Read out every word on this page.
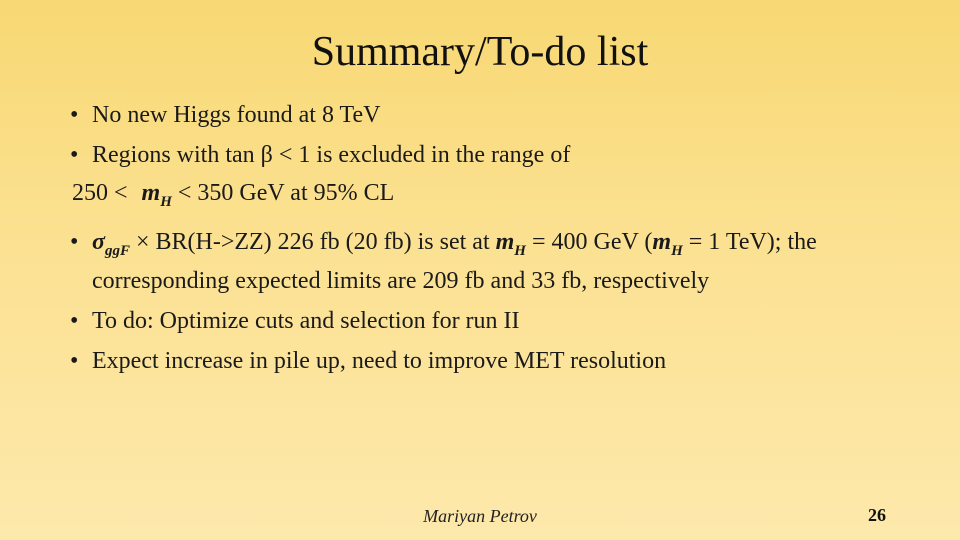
Summary/To-do list
• No new Higgs found at 8 TeV
• Regions with tan β < 1 is excluded in the range of
$250 < m_H < 350$ GeV at 95% CL
• $\sigma_{ggF} \times BR(H->ZZ)$ 226 fb (20 fb) is set at $m_H = 400$ GeV ($m_H = 1$ TeV); the corresponding expected limits are 209 fb and 33 fb, respectively
• To do: Optimize cuts and selection for run II
• Expect increase in pile up, need to improve MET resolution
Mariyan Petrov	26
